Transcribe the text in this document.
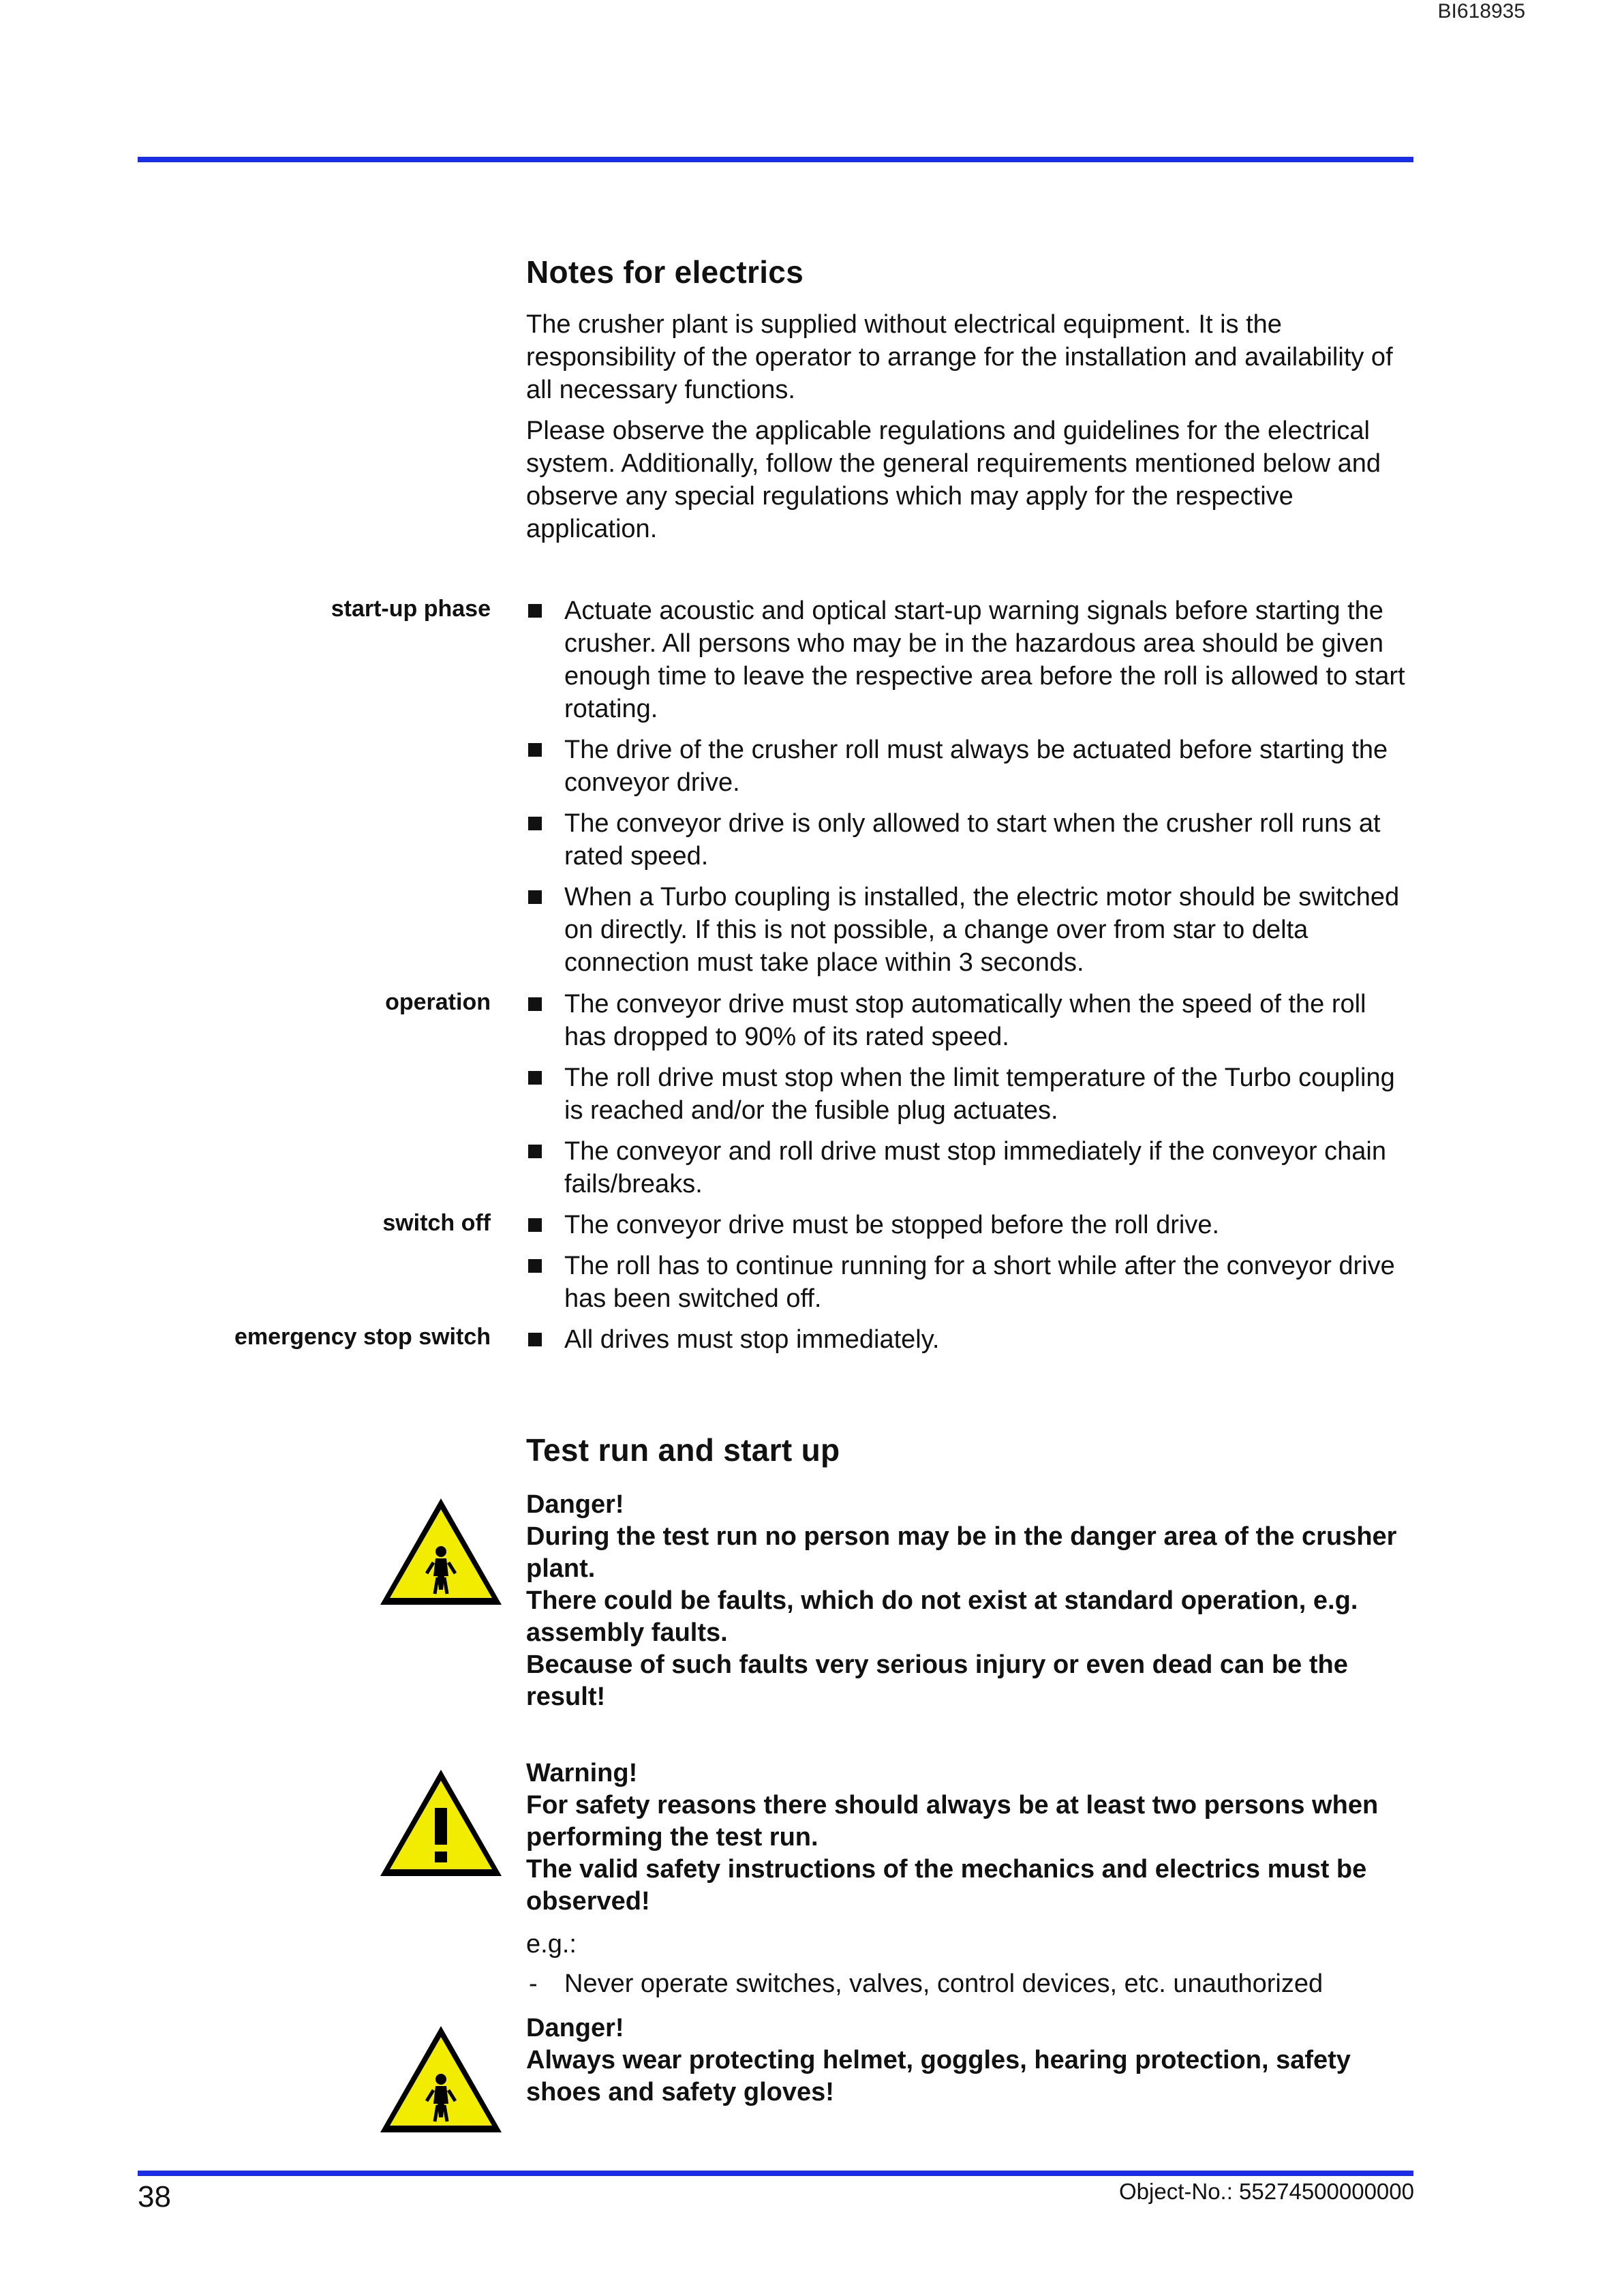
BI618935
Notes for electrics

The crusher plant is supplied without electrical equipment. It is the responsibility of the operator to arrange for the installation and availability of all necessary functions.

Please observe the applicable regulations and guidelines for the electrical system. Additionally, follow the general requirements mentioned below and observe any special regulations which may apply for the respective application.

start-up phase
operation
switch off
emergency stop switch
Actuate acoustic and optical start-up warning signals before starting the crusher. All persons who may be in the hazardous area should be given enough time to leave the respective area before the roll is allowed to start rotating.
The drive of the crusher roll must always be actuated before starting the conveyor drive.
The conveyor drive is only allowed to start when the crusher roll runs at rated speed.
When a Turbo coupling is installed, the electric motor should be switched on directly. If this is not possible, a change over from star to delta connection must take place within 3 seconds.
The conveyor drive must stop automatically when the speed of the roll has dropped to 90% of its rated speed.
The roll drive must stop when the limit temperature of the Turbo coupling is reached and/or the fusible plug actuates.
The conveyor and roll drive must stop immediately if the conveyor chain fails/breaks.
The conveyor drive must be stopped before the roll drive.
The roll has to continue running for a short while after the conveyor drive has been switched off.
All drives must stop immediately.
Test run and start up
Danger!
During the test run no person may be in the danger area of the crusher plant.
There could be faults, which do not exist at standard operation, e.g. assembly faults.
Because of such faults very serious injury or even dead can be the result!
Warning!
For safety reasons there should always be at least two persons when performing the test run.
The valid safety instructions of the mechanics and electrics must be observed!

e.g.:

- Never operate switches, valves, control devices, etc. unauthorized
Danger!
Always wear protecting helmet, goggles, hearing protection, safety shoes and safety gloves!
38	Object-No.: 55274500000000
